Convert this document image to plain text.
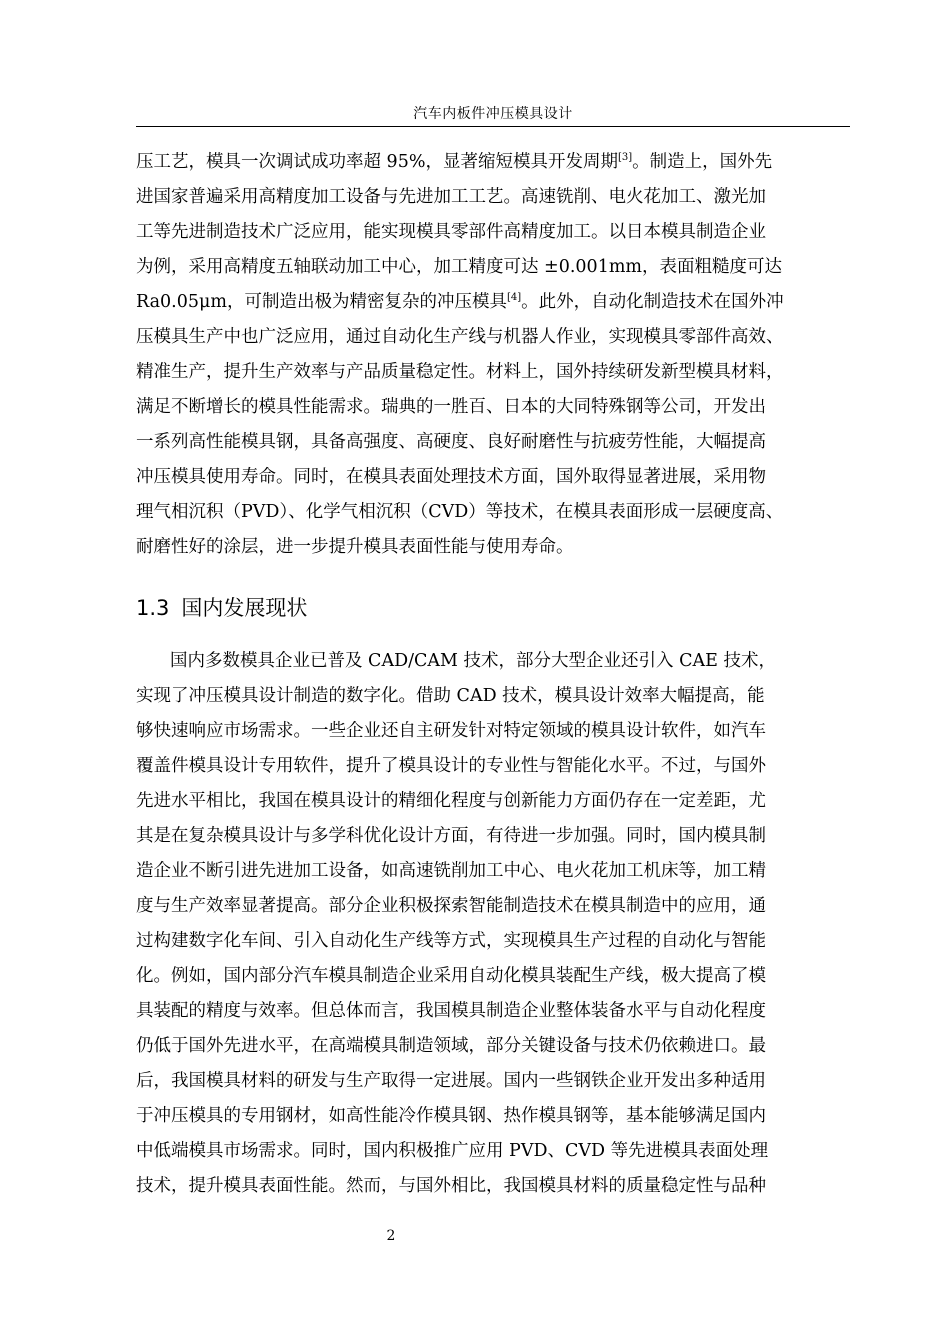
汽车内板件冲压模具设计
压工艺，模具一次调试成功率超 95%，显著缩短模具开发周期[3]。制造上，国外先
进国家普遍采用高精度加工设备与先进加工工艺。高速铣削、电火花加工、激光加
工等先进制造技术广泛应用，能实现模具零部件高精度加工。以日本模具制造企业
为例，采用高精度五轴联动加工中心，加工精度可达 ±0.001mm，表面粗糙度可达
Ra0.05μm，可制造出极为精密复杂的冲压模具[4]。此外，自动化制造技术在国外冲
压模具生产中也广泛应用，通过自动化生产线与机器人作业，实现模具零部件高效、
精准生产，提升生产效率与产品质量稳定性。材料上，国外持续研发新型模具材料，
满足不断增长的模具性能需求。瑞典的一胜百、日本的大同特殊钢等公司，开发出
一系列高性能模具钢，具备高强度、高硬度、良好耐磨性与抗疲劳性能，大幅提高
冲压模具使用寿命。同时，在模具表面处理技术方面，国外取得显著进展，采用物
理气相沉积（PVD）、化学气相沉积（CVD）等技术，在模具表面形成一层硬度高、
耐磨性好的涂层，进一步提升模具表面性能与使用寿命。
1.3 国内发展现状
国内多数模具企业已普及 CAD/CAM 技术，部分大型企业还引入 CAE 技术，
实现了冲压模具设计制造的数字化。借助 CAD 技术，模具设计效率大幅提高，能
够快速响应市场需求。一些企业还自主研发针对特定领域的模具设计软件，如汽车
覆盖件模具设计专用软件，提升了模具设计的专业性与智能化水平。不过，与国外
先进水平相比，我国在模具设计的精细化程度与创新能力方面仍存在一定差距，尤
其是在复杂模具设计与多学科优化设计方面，有待进一步加强。同时，国内模具制
造企业不断引进先进加工设备，如高速铣削加工中心、电火花加工机床等，加工精
度与生产效率显著提高。部分企业积极探索智能制造技术在模具制造中的应用，通
过构建数字化车间、引入自动化生产线等方式，实现模具生产过程的自动化与智能
化。例如，国内部分汽车模具制造企业采用自动化模具装配生产线，极大提高了模
具装配的精度与效率。但总体而言，我国模具制造企业整体装备水平与自动化程度
仍低于国外先进水平，在高端模具制造领域，部分关键设备与技术仍依赖进口。最
后，我国模具材料的研发与生产取得一定进展。国内一些钢铁企业开发出多种适用
于冲压模具的专用钢材，如高性能冷作模具钢、热作模具钢等，基本能够满足国内
中低端模具市场需求。同时，国内积极推广应用 PVD、CVD 等先进模具表面处理
技术，提升模具表面性能。然而，与国外相比，我国模具材料的质量稳定性与品种
2
